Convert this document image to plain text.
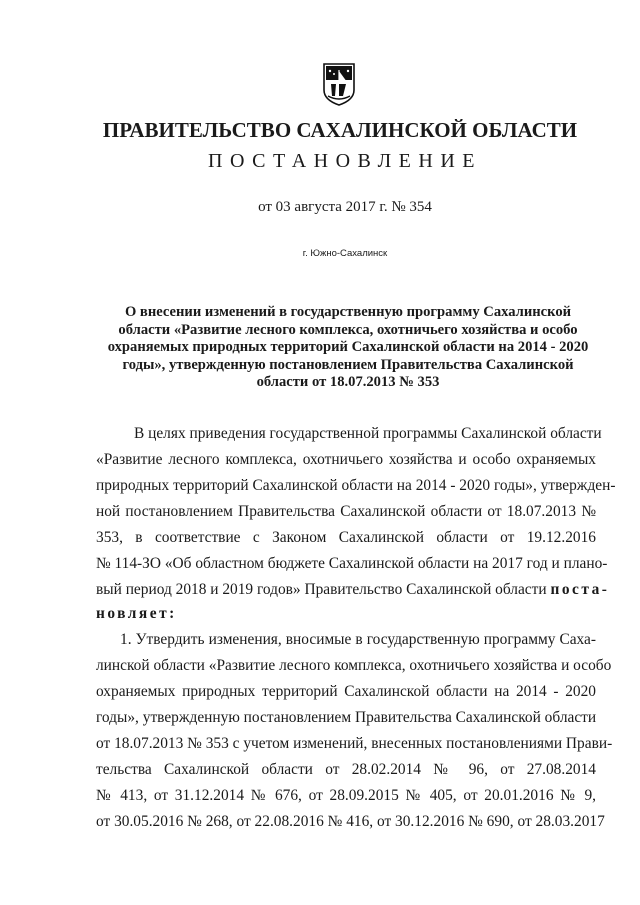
ПРАВИТЕЛЬСТВО САХАЛИНСКОЙ ОБЛАСТИ
ПОСТАНОВЛЕНИЕ
от 03 августа 2017 г. № 354
г. Южно-Сахалинск
О внесении изменений в государственную программу Сахалинской
области «Развитие лесного комплекса, охотничьего хозяйства и особо
охраняемых природных территорий Сахалинской области на 2014 - 2020
годы», утвержденную постановлением Правительства Сахалинской
области от 18.07.2013 № 353
В целях приведения государственной программы Сахалинской области
«Развитие лесного комплекса, охотничьего хозяйства и особо охраняемых
природных территорий Сахалинской области на 2014 - 2020 годы», утвержден-
ной постановлением Правительства Сахалинской области от 18.07.2013 №
353, в соответствие с Законом Сахалинской области от 19.12.2016
№ 114-ЗО «Об областном бюджете Сахалинской области на 2017 год и плано-
вый период 2018 и 2019 годов» Правительство Сахалинской области поста-
новляет:
1. Утвердить изменения, вносимые в государственную программу Саха-
линской области «Развитие лесного комплекса, охотничьего хозяйства и особо
охраняемых природных территорий Сахалинской области на 2014 - 2020
годы», утвержденную постановлением Правительства Сахалинской области
от 18.07.2013 № 353 с учетом изменений, внесенных постановлениями Прави-
тельства Сахалинской области от 28.02.2014 № 96, от 27.08.2014
№ 413, от 31.12.2014 № 676, от 28.09.2015 № 405, от 20.01.2016 № 9,
от 30.05.2016 № 268, от 22.08.2016 № 416, от 30.12.2016 № 690, от 28.03.2017
